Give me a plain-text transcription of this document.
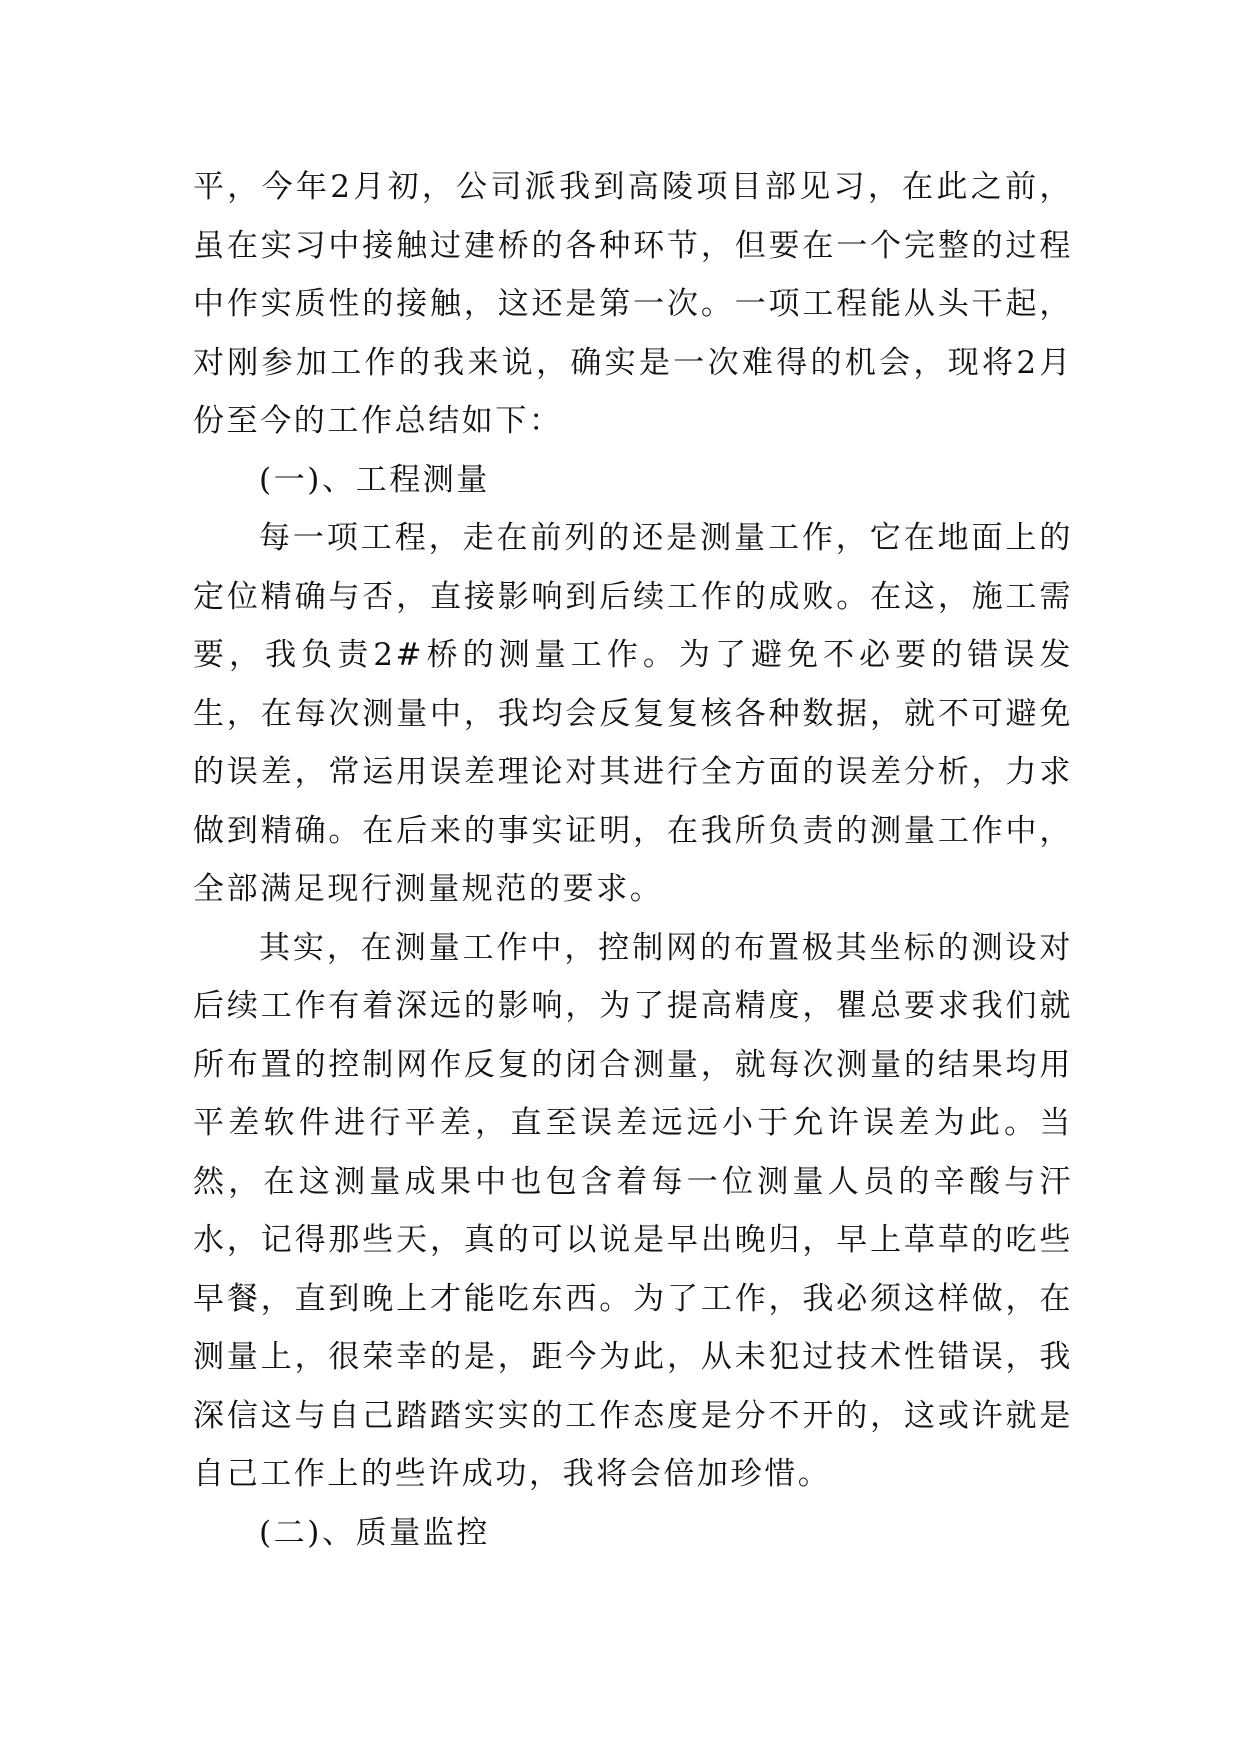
平，今年2月初，公司派我到高陵项目部见习，在此之前，虽在实习中接触过建桥的各种环节，但要在一个完整的过程中作实质性的接触，这还是第一次。一项工程能从头干起，对刚参加工作的我来说，确实是一次难得的机会，现将2月份至今的工作总结如下：

(一)、工程测量

每一项工程，走在前列的还是测量工作，它在地面上的定位精确与否，直接影响到后续工作的成败。在这，施工需要，我负责2#桥的测量工作。为了避免不必要的错误发生，在每次测量中，我均会反复复核各种数据，就不可避免的误差，常运用误差理论对其进行全方面的误差分析，力求做到精确。在后来的事实证明，在我所负责的测量工作中，全部满足现行测量规范的要求。

其实，在测量工作中，控制网的布置极其坐标的测设对后续工作有着深远的影响，为了提高精度，瞿总要求我们就所布置的控制网作反复的闭合测量，就每次测量的结果均用平差软件进行平差，直至误差远远小于允许误差为此。当然，在这测量成果中也包含着每一位测量人员的辛酸与汗水，记得那些天，真的可以说是早出晚归，早上草草的吃些早餐，直到晚上才能吃东西。为了工作，我必须这样做，在测量上，很荣幸的是，距今为此，从未犯过技术性错误，我深信这与自己踏踏实实的工作态度是分不开的，这或许就是自己工作上的些许成功，我将会倍加珍惜。

(二)、质量监控
